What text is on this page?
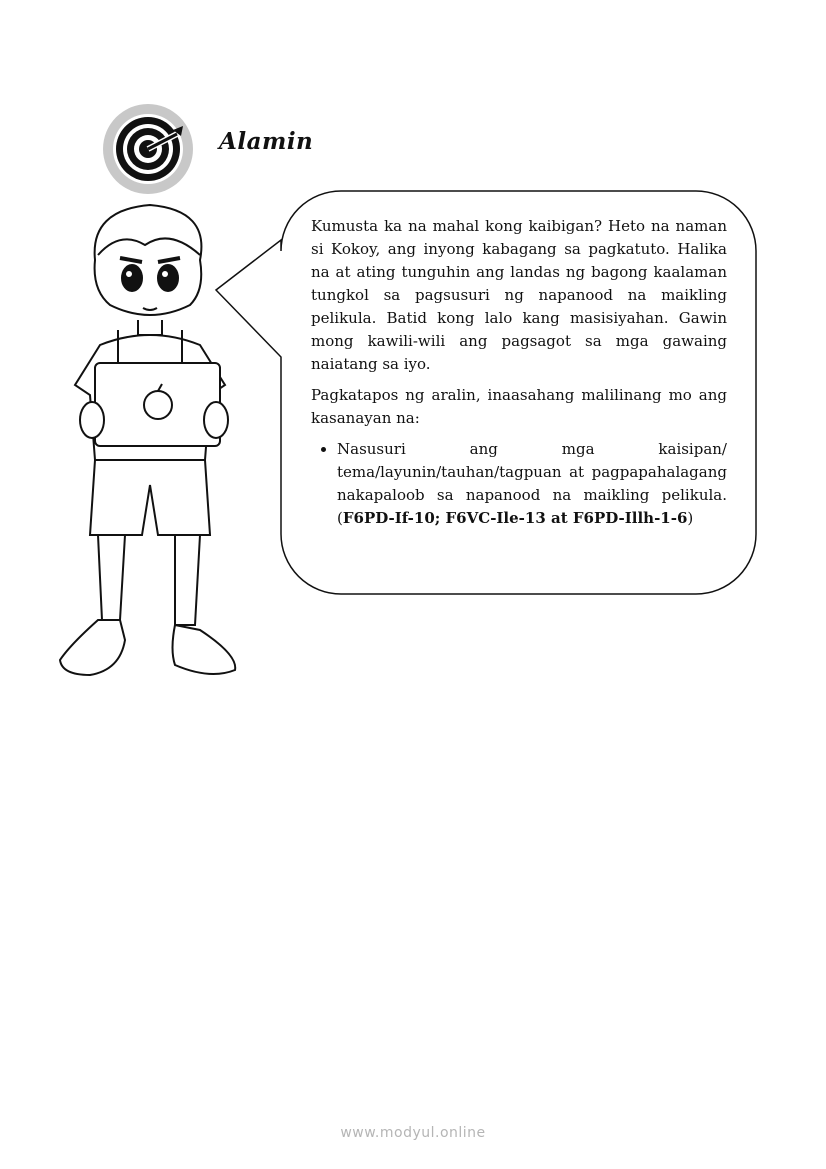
Alamin

Kumusta ka na mahal kong kaibigan? Heto na naman si Kokoy, ang inyong kabagang sa pagkatuto. Halika na at ating tunguhin ang landas ng bagong kaalaman tungkol sa pagsusuri ng napanood na maikling pelikula. Batid kong lalo kang masisiyahan. Gawin mong kawili-wili ang pagsagot sa mga gawaing naiatang sa iyo.

Pagkatapos ng aralin, inaasahang malilinang mo ang kasanayan na:

• Nasusuri ang mga kaisipan/ tema/layunin/tauhan/tagpuan at pagpapahalagang nakapaloob sa napanood na maikling pelikula. (F6PD-If-10; F6VC-Ile-13 at F6PD-Illh-1-6)
www.modyul.online
